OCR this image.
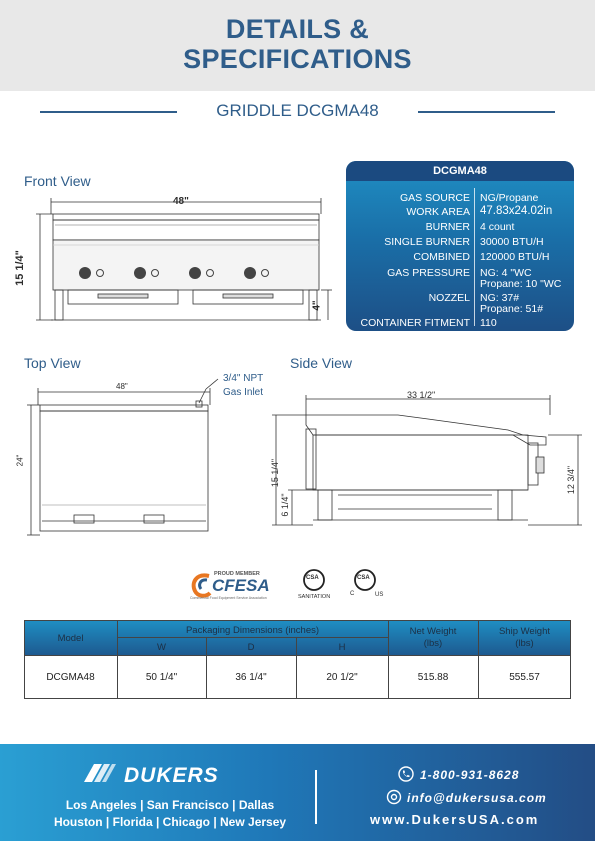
DETAILS &
SPECIFICATIONS
GRIDDLE DCGMA48
Front View
48"
15 1/4"
4"
DCGMA48
GAS SOURCE NG/Propane
WORK AREA 47.83x24.02in
BURNER 4 count
SINGLE BURNER 30000 BTU/H
COMBINED 120000 BTU/H
GAS PRESSURE NG: 4 "WC
Propane: 10 "WC
NOZZEL NG: 37#
Propane: 51#
CONTAINER FITMENT 110
Top View
48"
24"
3/4" NPT
Gas Inlet
Side View
33 1/2"
15 1/4"
6 1/4"
12 3/4"
PROUD MEMBER
CFESA
Commercial Food Equipment Service Association
CSA
SANITATION
CSA
C	US
Model
Packaging Dimensions (inches)
W	D	H
Net Weight
(lbs)
Ship Weight
(lbs)
DCGMA48	50 1/4"	36 1/4"	20 1/2"	515.88	555.57
DUKERS
Los Angeles | San Francisco | Dallas
Houston | Florida | Chicago | New Jersey
1-800-931-8628
info@dukersusa.com
www.DukersUSA.com
